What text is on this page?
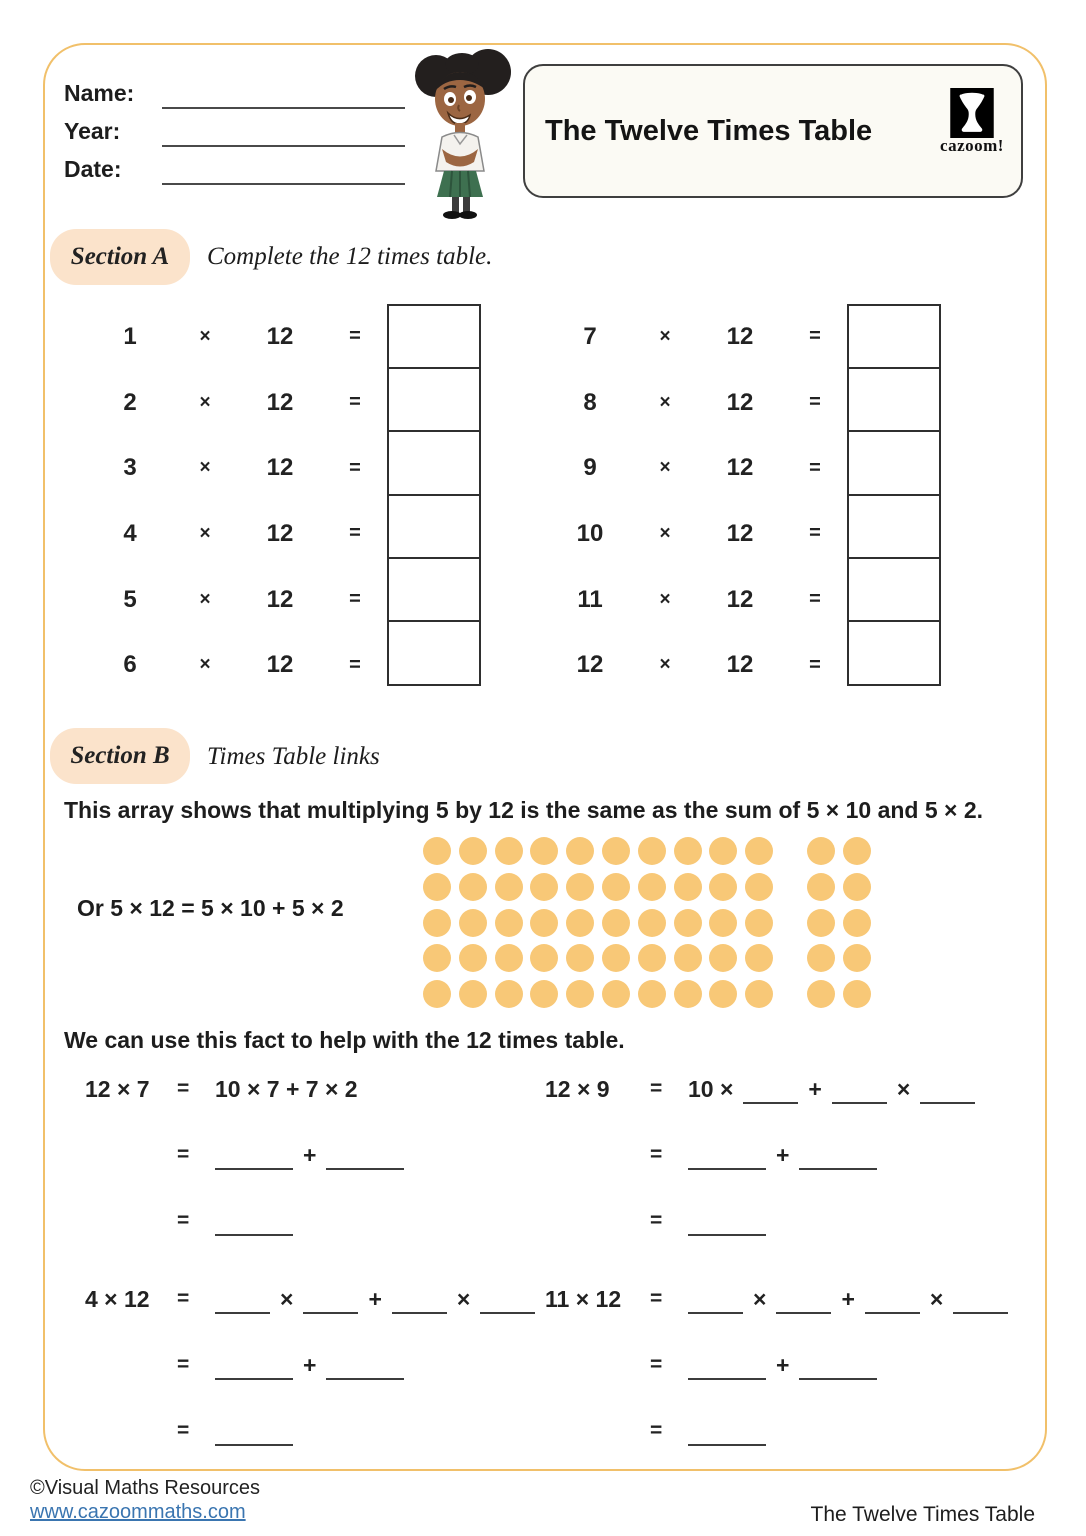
Name:
Year:
Date:
The Twelve Times Table	cazoom!
Section A Complete the 12 times table.
1	×	12	=
2	×	12	=
3	×	12	=
4	×	12	=
5	×	12	=
6	×	12	=
7	×	12	=
8	×	12	=
9	×	12	=
10	×	12	=
11	×	12	=
12	×	12	=
Section B Times Table links
This array shows that multiplying 5 by 12 is the same as the sum of 5 × 10 and 5 × 2.
Or 5 × 12 = 5 × 10 + 5 × 2
We can use this fact to help with the 12 times table.
12 × 7	=	10 × 7 + 7 × 2
=	+
=
12 × 9	=	10 ×	+	×
=	+
=
4 × 12	=	×	+	×
=	+
=
11 × 12	=	×	+	×
=	+
=
©Visual Maths Resources
www.cazoommaths.com	The Twelve Times Table
